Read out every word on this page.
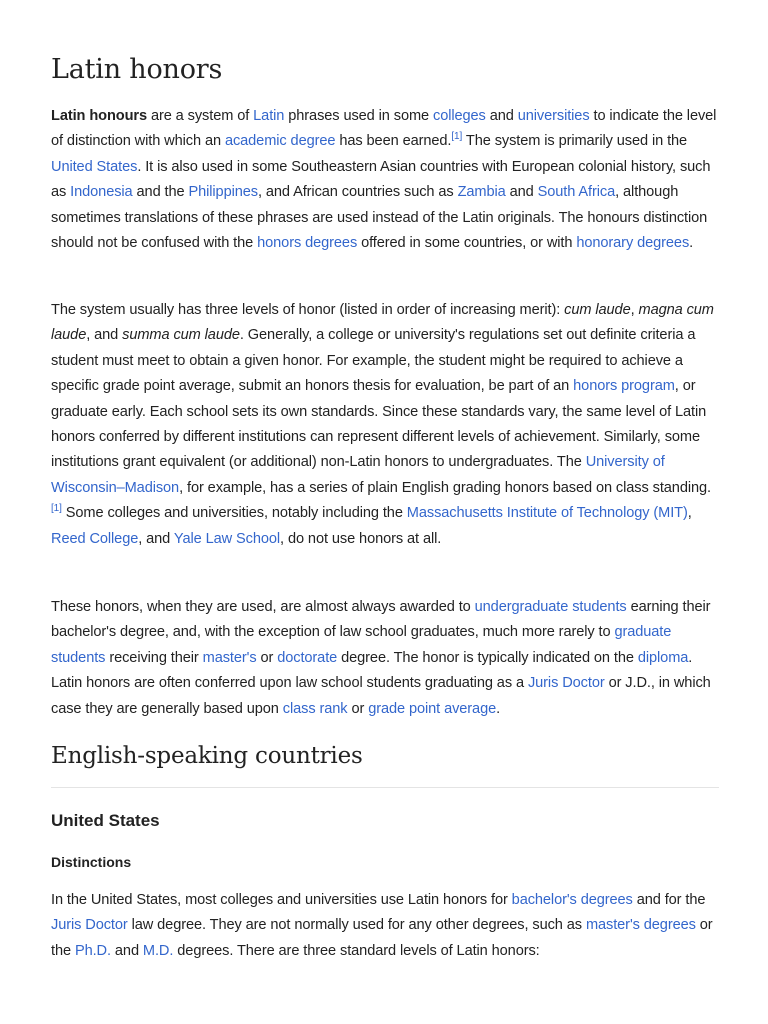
Latin honors

Latin honours are a system of Latin phrases used in some colleges and universities to indicate the level of distinction with which an academic degree has been earned.[1] The system is primarily used in the United States. It is also used in some Southeastern Asian countries with European colonial history, such as Indonesia and the Philippines, and African countries such as Zambia and South Africa, although sometimes translations of these phrases are used instead of the Latin originals. The honours distinction should not be confused with the honors degrees offered in some countries, or with honorary degrees.

The system usually has three levels of honor (listed in order of increasing merit): cum laude, magna cum laude, and summa cum laude. Generally, a college or university's regulations set out definite criteria a student must meet to obtain a given honor. For example, the student might be required to achieve a specific grade point average, submit an honors thesis for evaluation, be part of an honors program, or graduate early. Each school sets its own standards. Since these standards vary, the same level of Latin honors conferred by different institutions can represent different levels of achievement. Similarly, some institutions grant equivalent (or additional) non-Latin honors to undergraduates. The University of Wisconsin–Madison, for example, has a series of plain English grading honors based on class standing.[1] Some colleges and universities, notably including the Massachusetts Institute of Technology (MIT), Reed College, and Yale Law School, do not use honors at all.

These honors, when they are used, are almost always awarded to undergraduate students earning their bachelor's degree, and, with the exception of law school graduates, much more rarely to graduate students receiving their master's or doctorate degree. The honor is typically indicated on the diploma. Latin honors are often conferred upon law school students graduating as a Juris Doctor or J.D., in which case they are generally based upon class rank or grade point average.

English-speaking countries
United States
Distinctions

In the United States, most colleges and universities use Latin honors for bachelor's degrees and for the Juris Doctor law degree. They are not normally used for any other degrees, such as master's degrees or the Ph.D. and M.D. degrees. There are three standard levels of Latin honors:
